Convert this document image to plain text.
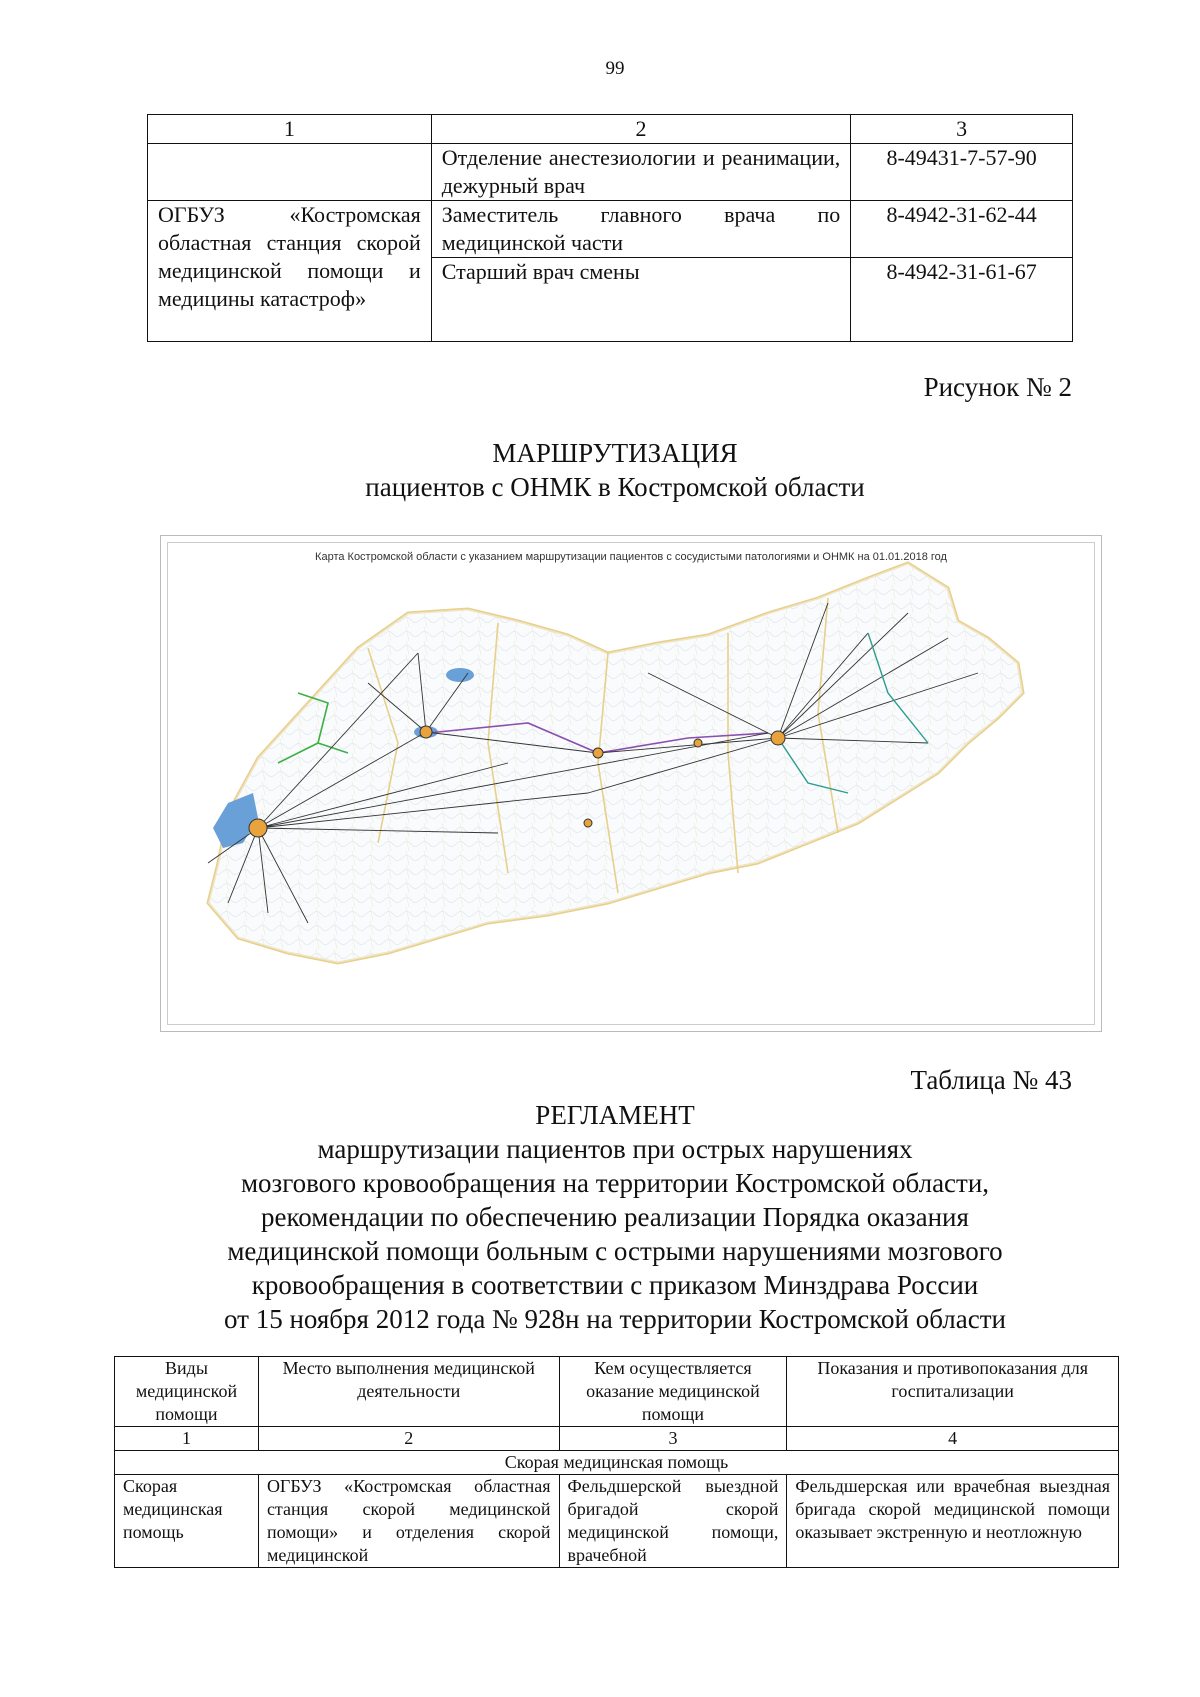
99
1	2	3
	Отделение анестезиологии и реанимации, дежурный врач	8-49431-7-57-90
ОГБУЗ «Костромская областная станция скорой медицинской помощи и медицины катастроф»	Заместитель главного врача по медицинской части	8-4942-31-62-44
	Старший врач смены	8-4942-31-61-67
Рисунок № 2
МАРШРУТИЗАЦИЯ
пациентов с ОНМК в Костромской области
Карта Костромской области с указанием маршрутизации пациентов с сосудистыми патологиями и ОНМК на 01.01.2018 год
Таблица № 43
РЕГЛАМЕНТ
маршрутизации пациентов при острых нарушениях
мозгового кровообращения на территории Костромской области,
рекомендации по обеспечению реализации Порядка оказания
медицинской помощи больным с острыми нарушениями мозгового
кровообращения в соответствии с приказом Минздрава России
от 15 ноября 2012 года № 928н на территории Костромской области
Виды медицинской помощи	Место выполнения медицинской деятельности	Кем осуществляется оказание медицинской помощи	Показания и противопоказания для госпитализации
1	2	3	4
Скорая медицинская помощь			
Скорая медицинская помощь	ОГБУЗ «Костромская областная станция скорой медицинской помощи» и отделения скорой медицинской	Фельдшерской выездной бригадой скорой медицинской помощи, врачебной	Фельдшерская или врачебная выездная бригада скорой медицинской помощи оказывает экстренную и неотложную
